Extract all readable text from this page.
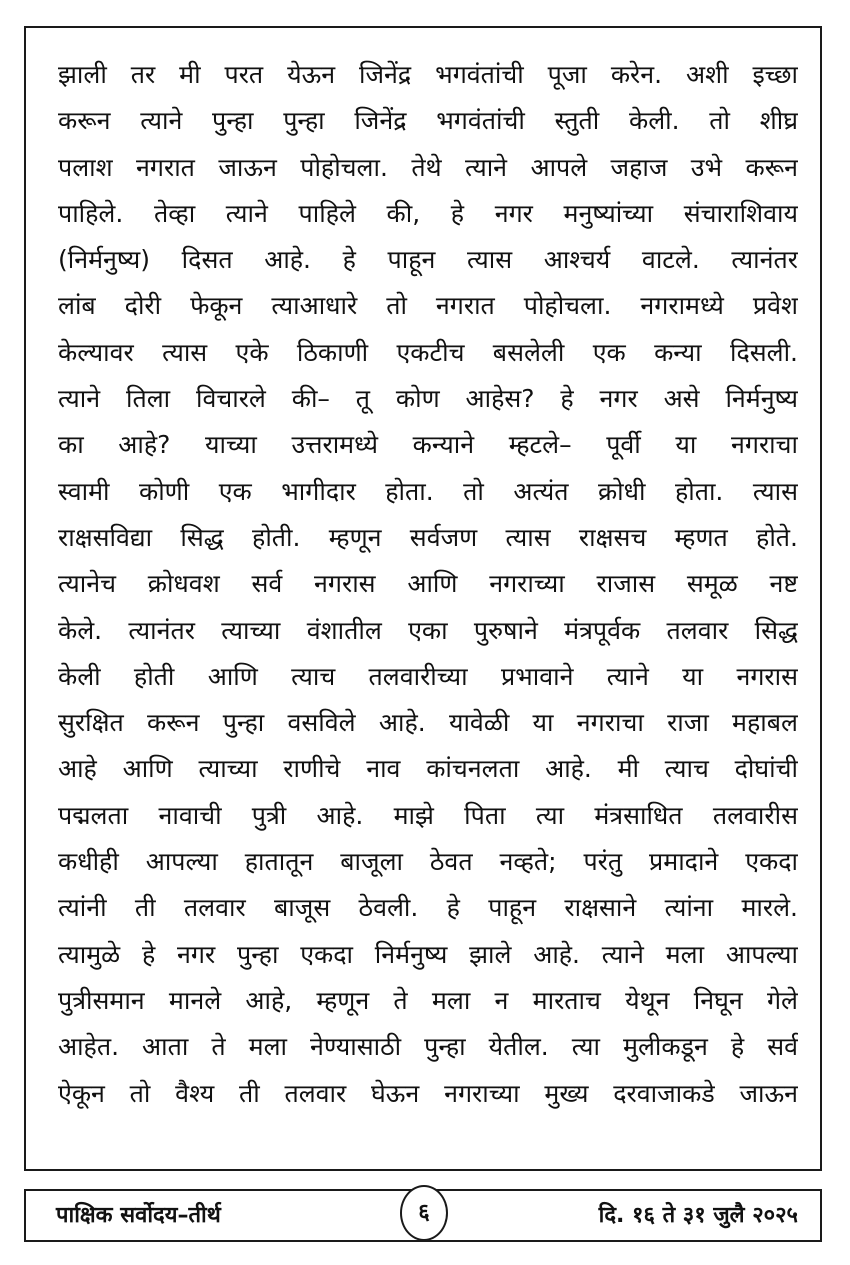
झाली तर मी परत येऊन जिनेंद्र भगवंतांची पूजा करेन. अशी इच्छा
करून त्याने पुन्हा पुन्हा जिनेंद्र भगवंतांची स्तुती केली. तो शीघ्र
पलाश नगरात जाऊन पोहोचला. तेथे त्याने आपले जहाज उभे करून
पाहिले. तेव्हा त्याने पाहिले की, हे नगर मनुष्यांच्या संचाराशिवाय
(निर्मनुष्य) दिसत आहे. हे पाहून त्यास आश्चर्य वाटले. त्यानंतर
लांब दोरी फेकून त्याआधारे तो नगरात पोहोचला. नगरामध्ये प्रवेश
केल्यावर त्यास एके ठिकाणी एकटीच बसलेली एक कन्या दिसली.
त्याने तिला विचारले की– तू कोण आहेस? हे नगर असे निर्मनुष्य
का आहे? याच्या उत्तरामध्ये कन्याने म्हटले– पूर्वी या नगराचा
स्वामी कोणी एक भागीदार होता. तो अत्यंत क्रोधी होता. त्यास
राक्षसविद्या सिद्ध होती. म्हणून सर्वजण त्यास राक्षसच म्हणत होते.
त्यानेच क्रोधवश सर्व नगरास आणि नगराच्या राजास समूळ नष्ट
केले. त्यानंतर त्याच्या वंशातील एका पुरुषाने मंत्रपूर्वक तलवार सिद्ध
केली होती आणि त्याच तलवारीच्या प्रभावाने त्याने या नगरास
सुरक्षित करून पुन्हा वसविले आहे. यावेळी या नगराचा राजा महाबल
आहे आणि त्याच्या राणीचे नाव कांचनलता आहे. मी त्याच दोघांची
पद्मलता नावाची पुत्री आहे. माझे पिता त्या मंत्रसाधित तलवारीस
कधीही आपल्या हातातून बाजूला ठेवत नव्हते; परंतु प्रमादाने एकदा
त्यांनी ती तलवार बाजूस ठेवली. हे पाहून राक्षसाने त्यांना मारले.
त्यामुळे हे नगर पुन्हा एकदा निर्मनुष्य झाले आहे. त्याने मला आपल्या
पुत्रीसमान मानले आहे, म्हणून ते मला न मारताच येथून निघून गेले
आहेत. आता ते मला नेण्यासाठी पुन्हा येतील. त्या मुलीकडून हे सर्व
ऐकून तो वैश्य ती तलवार घेऊन नगराच्या मुख्य दरवाजाकडे जाऊन
पाक्षिक सर्वोदय–तीर्थ	६	दि. १६ ते ३१ जुलै २०२५
